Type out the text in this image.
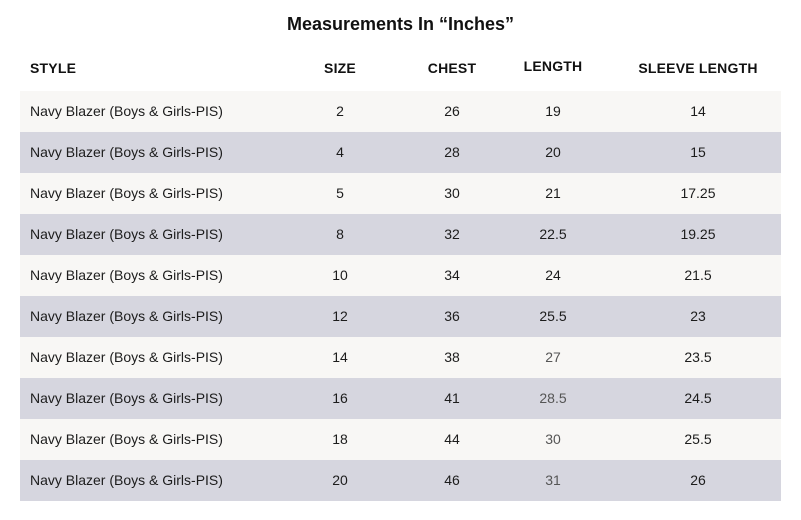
Measurements In “Inches”
STYLE	SIZE	CHEST	LENGTH	SLEEVE LENGTH
Navy Blazer (Boys & Girls-PIS)	2	26	19	14
Navy Blazer (Boys & Girls-PIS)	4	28	20	15
Navy Blazer (Boys & Girls-PIS)	5	30	21	17.25
Navy Blazer (Boys & Girls-PIS)	8	32	22.5	19.25
Navy Blazer (Boys & Girls-PIS)	10	34	24	21.5
Navy Blazer (Boys & Girls-PIS)	12	36	25.5	23
Navy Blazer (Boys & Girls-PIS)	14	38	27	23.5
Navy Blazer (Boys & Girls-PIS)	16	41	28.5	24.5
Navy Blazer (Boys & Girls-PIS)	18	44	30	25.5
Navy Blazer (Boys & Girls-PIS)	20	46	31	26
